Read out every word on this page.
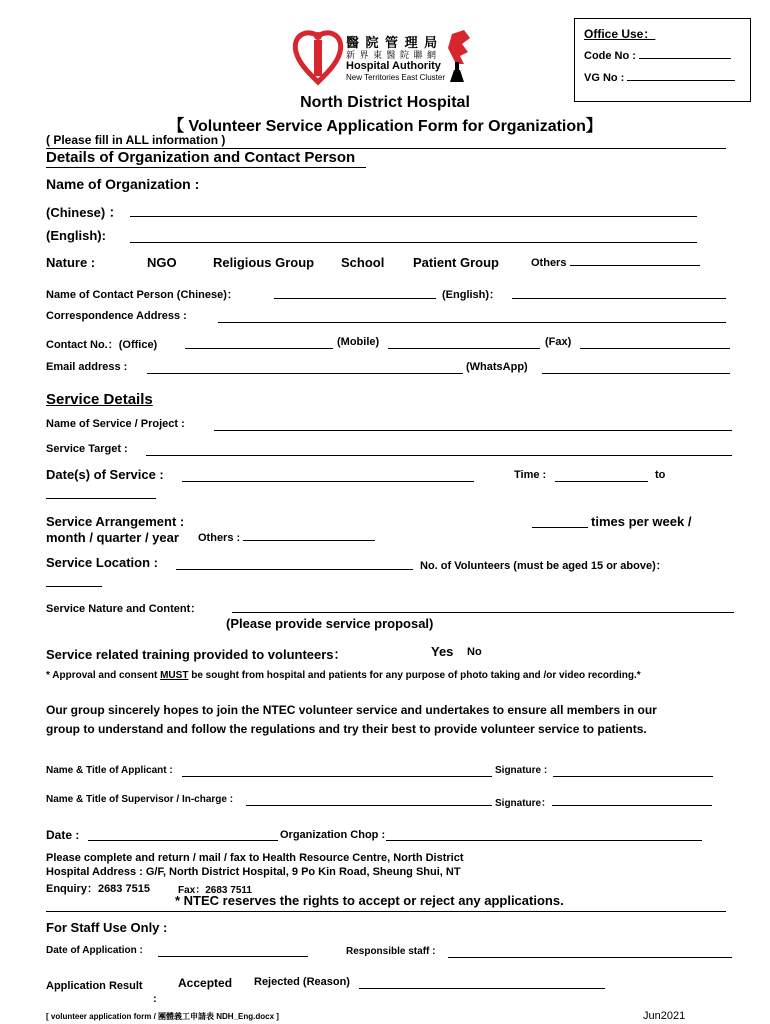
Office Use：
Code No :
VG No :
醫 院 管 理 局
新 界 東 醫 院 聯 網
Hospital Authority
New Territories East Cluster
North District Hospital
【 Volunteer Service Application Form for Organization】
( Please fill in ALL information )
Details of Organization and Contact Person
Name of Organization :
(Chinese) ：
(English):
Nature :	NGO	Religious Group School Patient Group	Others
Name of Contact Person (Chinese)：	(English)：
Correspondence Address :
Contact No.：(Office)	(Mobile)	(Fax)
Email address :	(WhatsApp)
Service Details
Name of Service / Project :
Service Target :
Date(s) of Service :	Time :	to
Service Arrangement :	times per week /
month / quarter / year Others :
Service Location :	No. of Volunteers (must be aged 15 or above)：
Service Nature and Content：
(Please provide service proposal)
Service related training provided to volunteers：	Yes No
* Approval and consent MUST be sought from hospital and patients for any purpose of photo taking and /or video recording.*
Our group sincerely hopes to join the NTEC volunteer service and undertakes to ensure all members in our
group to understand and follow the regulations and try their best to provide volunteer service to patients.
Name & Title of Applicant :	Signature :
Name & Title of Supervisor / In-charge :	Signature：
Date :	Organization Chop :
Please complete and return / mail / fax to Health Resource Centre, North District
Hospital Address : G/F, North District Hospital, 9 Po Kin Road, Sheung Shui, NT
Enquiry：2683 7515	Fax：2683 7511
* NTEC reserves the rights to accept or reject any applications.
For Staff Use Only :
Date of Application :	Responsible staff :
Application Result
:
Accepted Rejected (Reason)
[ volunteer application form / 團體義工申請表 NDH_Eng.docx ]	Jun2021
